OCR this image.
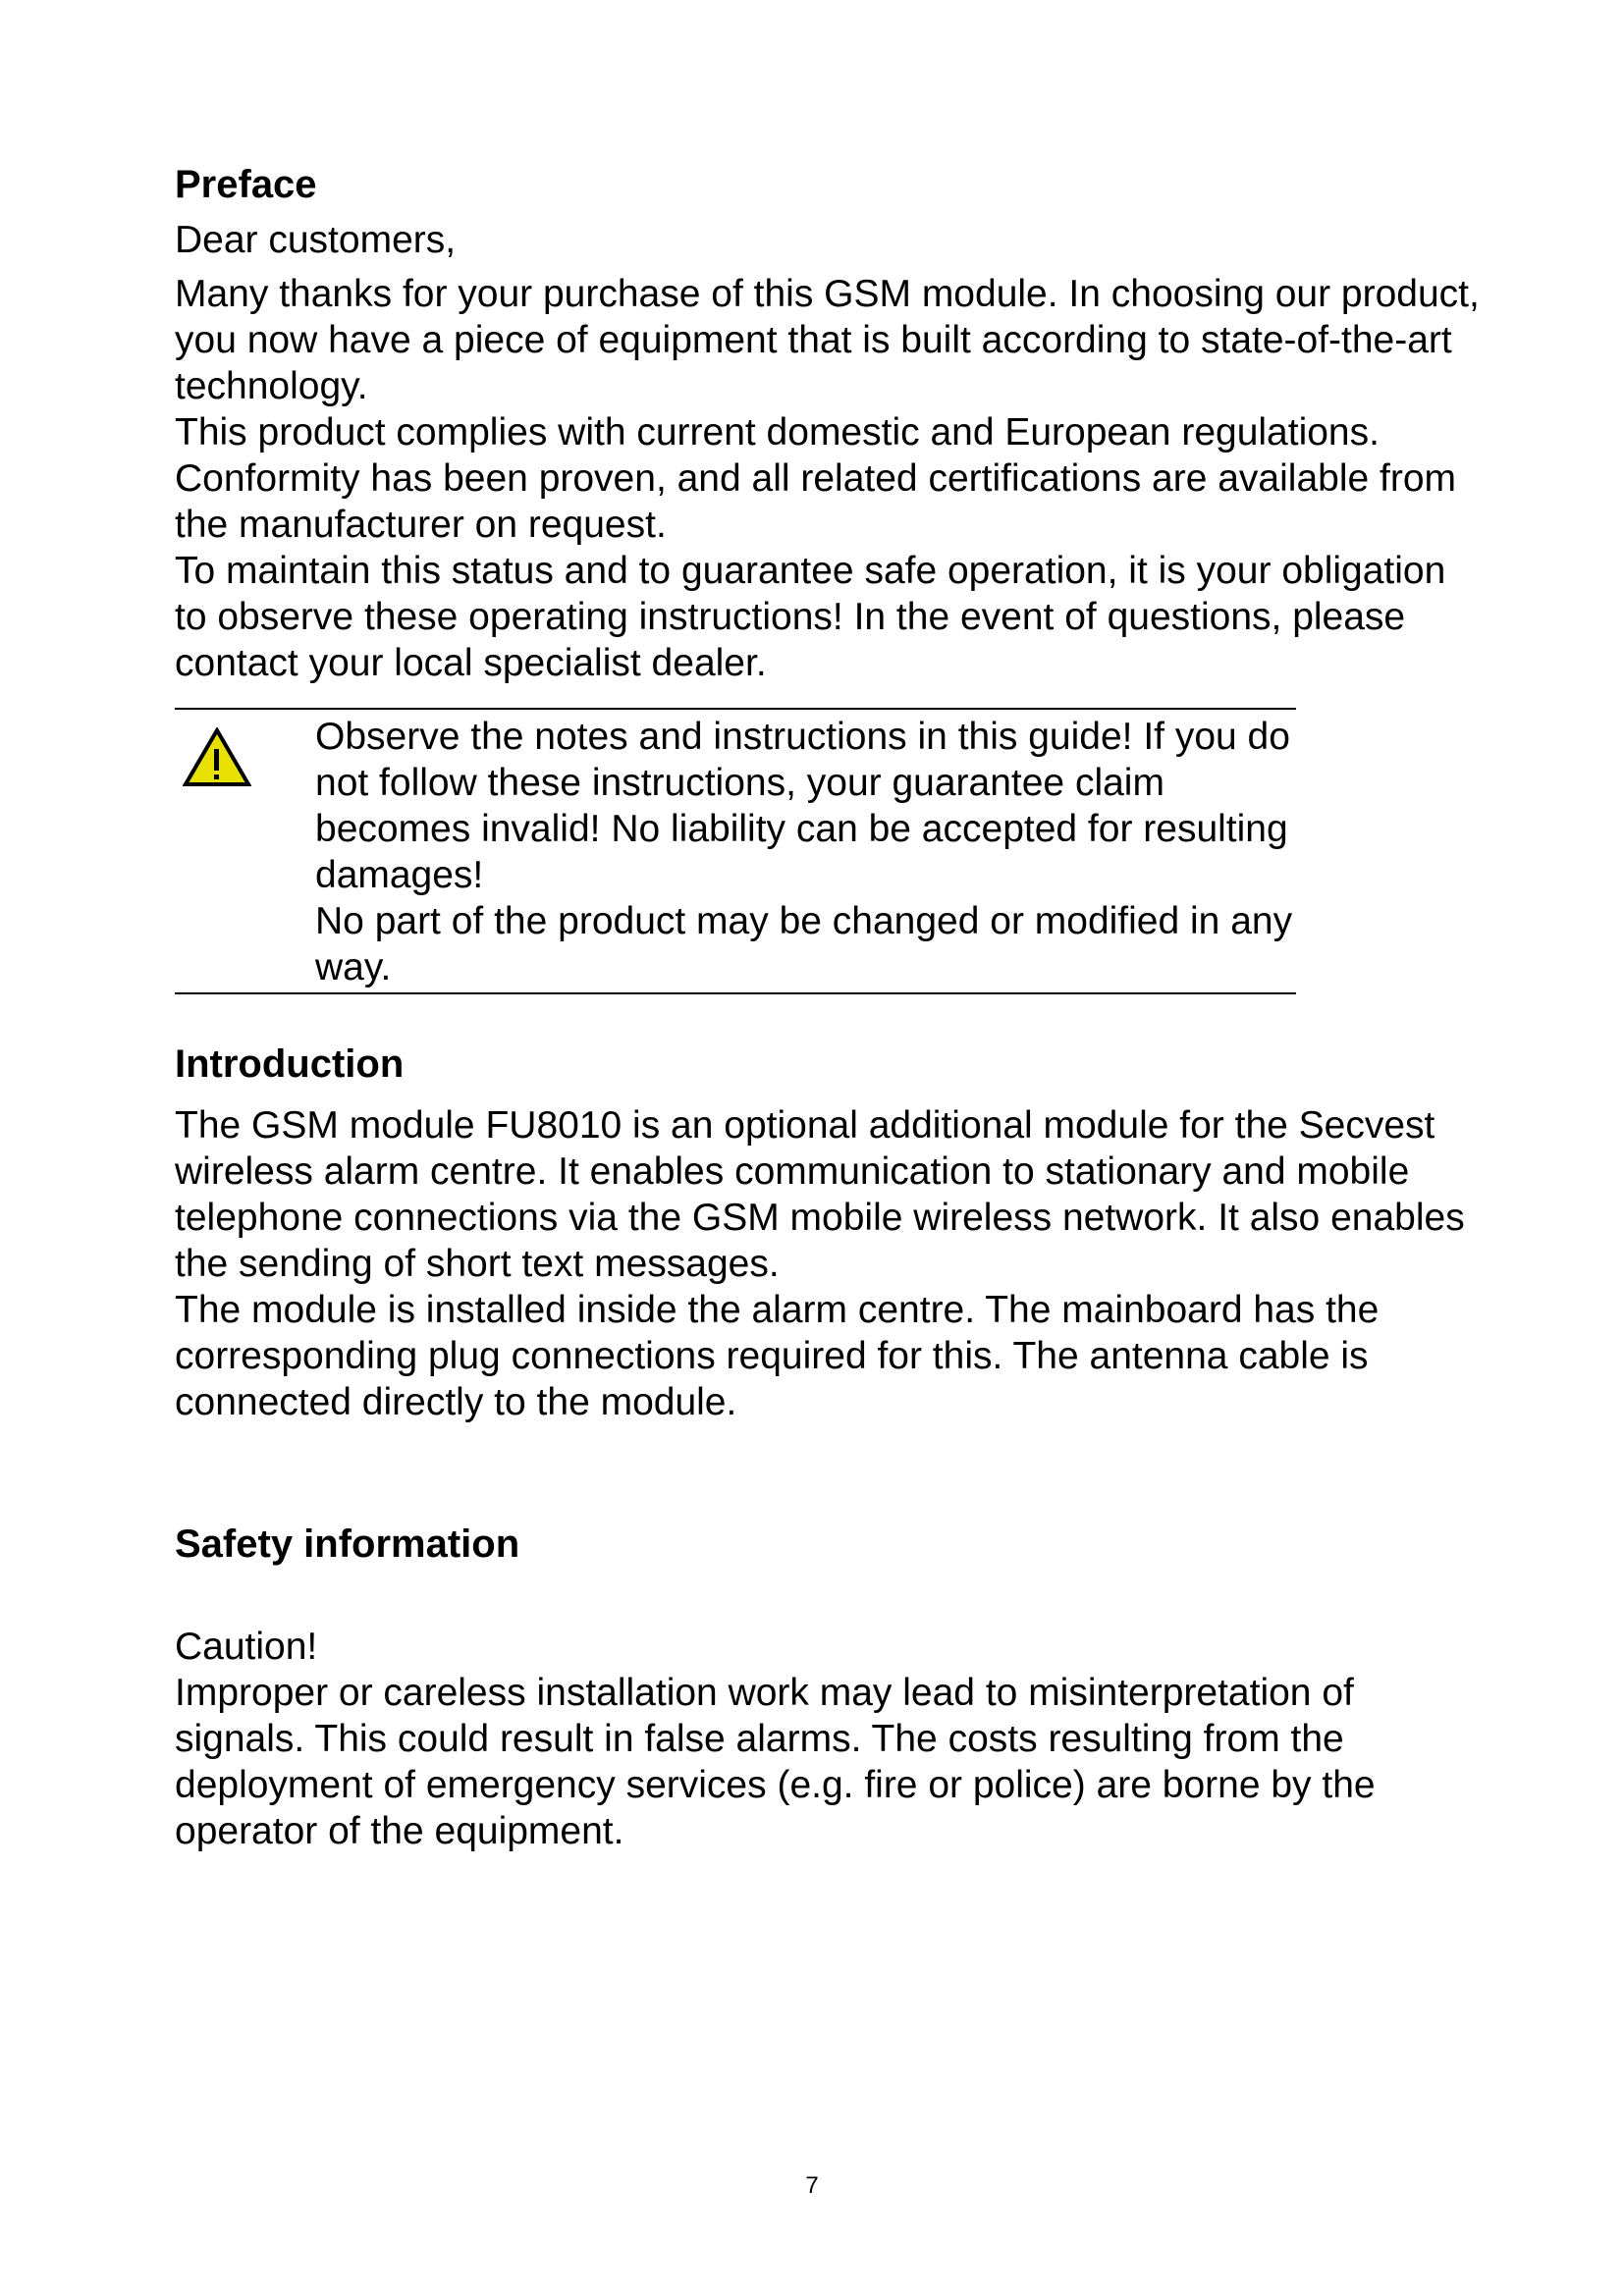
Preface

Dear customers,

Many thanks for your purchase of this GSM module. In choosing our product, you now have a piece of equipment that is built according to state-of-the-art technology.

This product complies with current domestic and European regulations. Conformity has been proven, and all related certifications are available from the manufacturer on request.

To maintain this status and to guarantee safe operation, it is your obligation to observe these operating instructions! In the event of questions, please contact your local specialist dealer.

Observe the notes and instructions in this guide! If you do not follow these instructions, your guarantee claim becomes invalid! No liability can be accepted for resulting damages!

No part of the product may be changed or modified in any way.

Introduction

The GSM module FU8010 is an optional additional module for the Secvest wireless alarm centre. It enables communication to stationary and mobile telephone connections via the GSM mobile wireless network. It also enables the sending of short text messages.

The module is installed inside the alarm centre. The mainboard has the corresponding plug connections required for this. The antenna cable is connected directly to the module.

Safety information

Caution!

Improper or careless installation work may lead to misinterpretation of signals. This could result in false alarms. The costs resulting from the deployment of emergency services (e.g. fire or police) are borne by the operator of the equipment.

7
